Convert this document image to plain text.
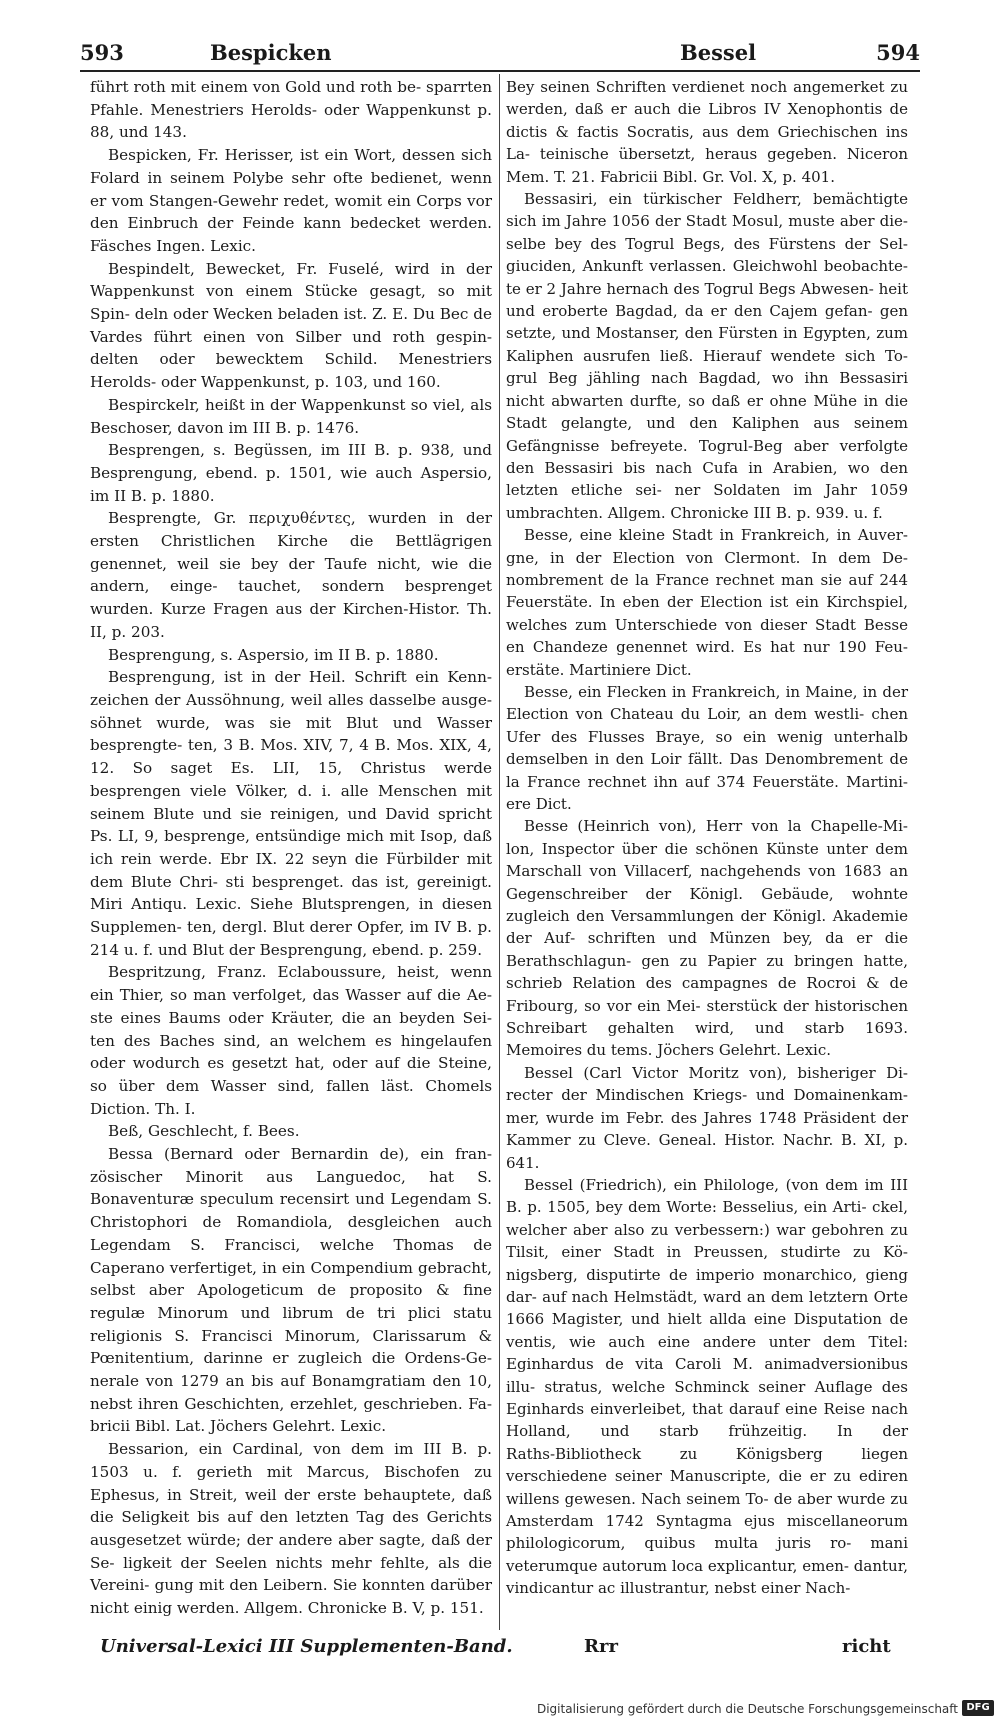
593	Bespicken	Bessel	594

führt roth mit einem von Gold und roth be‑ sparrten Pfahle. Menestriers Herolds‑ oder Wappenkunst p. 88, und 143.

Bespicken, Fr. Herisser, ist ein Wort, dessen sich Folard in seinem Polybe sehr ofte bedienet, wenn er vom Stangen‑Gewehr redet, womit ein Corps vor den Einbruch der Feinde kann bedecket werden. Fäsches Ingen. Lexic.

Bespindelt, Bewecket, Fr. Fuselé, wird in der Wappenkunst von einem Stücke gesagt, so mit Spin‑ deln oder Wecken beladen ist. Z. E. Du Bec de Vardes führt einen von Silber und roth gespin‑ delten oder bewecktem Schild. Menestriers Herolds‑ oder Wappenkunst, p. 103, und 160.

Bespirckelr, heißt in der Wappenkunst so viel, als Beschoser, davon im III B. p. 1476.

Besprengen, s. Begüssen, im III B. p. 938, und Besprengung, ebend. p. 1501, wie auch Aspersio, im II B. p. 1880.

Besprengte, Gr. περιχυθέντες, wurden in der ersten Christlichen Kirche die Bettlägrigen genennet, weil sie bey der Taufe nicht, wie die andern, einge‑ tauchet, sondern besprenget wurden. Kurze Fragen aus der Kirchen‑Histor. Th. II, p. 203.

Besprengung, s. Aspersio, im II B. p. 1880.

Besprengung, ist in der Heil. Schrift ein Kenn‑ zeichen der Aussöhnung, weil alles dasselbe ausge‑ söhnet wurde, was sie mit Blut und Wasser besprengte‑ ten, 3 B. Mos. XIV, 7, 4 B. Mos. XIX, 4, 12. So saget Es. LII, 15, Christus werde besprengen viele Völker, d. i. alle Menschen mit seinem Blute und sie reinigen, und David spricht Ps. LI, 9, besprenge, entsündige mich mit Isop, daß ich rein werde. Ebr IX. 22 seyn die Fürbilder mit dem Blute Chri‑ sti besprenget. das ist, gereinigt. Miri Antiqu. Lexic. Siehe Blutsprengen, in diesen Supplemen‑ ten, dergl. Blut derer Opfer, im IV B. p. 214 u. f. und Blut der Besprengung, ebend. p. 259.

Bespritzung, Franz. Eclaboussure, heist, wenn ein Thier, so man verfolget, das Wasser auf die Ae‑ ste eines Baums oder Kräuter, die an beyden Sei‑ ten des Baches sind, an welchem es hingelaufen oder wodurch es gesetzt hat, oder auf die Steine, so über dem Wasser sind, fallen läst. Chomels Diction. Th. I.

Beß, Geschlecht, f. Bees.

Bessa (Bernard oder Bernardin de), ein fran‑ zösischer Minorit aus Languedoc, hat S. Bonaventuræ speculum recensirt und Legendam S. Christophori de Romandiola, desgleichen auch Legendam S. Francisci, welche Thomas de Caperano verfertiget, in ein Compendium gebracht, selbst aber Apologeticum de proposito & fine regulæ Minorum und librum de tri plici statu religionis S. Francisci Minorum, Clarissarum & Pœnitentium, darinne er zugleich die Ordens‑Ge‑ nerale von 1279 an bis auf Bonamgratiam den 10, nebst ihren Geschichten, erzehlet, geschrieben. Fa‑ bricii Bibl. Lat. Jöchers Gelehrt. Lexic.

Bessarion, ein Cardinal, von dem im III B. p. 1503 u. f. gerieth mit Marcus, Bischofen zu Ephesus, in Streit, weil der erste behauptete, daß die Seligkeit bis auf den letzten Tag des Gerichts ausgesetzet würde; der andere aber sagte, daß der Se‑ ligkeit der Seelen nichts mehr fehlte, als die Vereini‑ gung mit den Leibern. Sie konnten darüber nicht einig werden. Allgem. Chronicke B. V, p. 151.

Bey seinen Schriften verdienet noch angemerket zu werden, daß er auch die Libros IV Xenophontis de dictis & factis Socratis, aus dem Griechischen ins La‑ teinische übersetzt, heraus gegeben. Niceron Mem. T. 21. Fabricii Bibl. Gr. Vol. X, p. 401.

Bessasiri, ein türkischer Feldherr, bemächtigte sich im Jahre 1056 der Stadt Mosul, muste aber die‑ selbe bey des Togrul Begs, des Fürstens der Sel‑ giuciden, Ankunft verlassen. Gleichwohl beobachte‑ te er 2 Jahre hernach des Togrul Begs Abwesen‑ heit und eroberte Bagdad, da er den Cajem gefan‑ gen setzte, und Mostanser, den Fürsten in Egypten, zum Kaliphen ausrufen ließ. Hierauf wendete sich To‑ grul Beg jähling nach Bagdad, wo ihn Bessasiri nicht abwarten durfte, so daß er ohne Mühe in die Stadt gelangte, und den Kaliphen aus seinem Gefängnisse befreyete. Togrul‑Beg aber verfolgte den Bessasiri bis nach Cufa in Arabien, wo den letzten etliche sei‑ ner Soldaten im Jahr 1059 umbrachten. Allgem. Chronicke III B. p. 939. u. f.

Besse, eine kleine Stadt in Frankreich, in Auver‑ gne, in der Election von Clermont. In dem De‑ nombrement de la France rechnet man sie auf 244 Feuerstäte. In eben der Election ist ein Kirchspiel, welches zum Unterschiede von dieser Stadt Besse en Chandeze genennet wird. Es hat nur 190 Feu‑ erstäte. Martiniere Dict.

Besse, ein Flecken in Frankreich, in Maine, in der Election von Chateau du Loir, an dem westli‑ chen Ufer des Flusses Braye, so ein wenig unterhalb demselben in den Loir fällt. Das Denombrement de la France rechnet ihn auf 374 Feuerstäte. Martini‑ ere Dict.

Besse (Heinrich von), Herr von la Chapelle‑Mi‑ lon, Inspector über die schönen Künste unter dem Marschall von Villacerf, nachgehends von 1683 an Gegenschreiber der Königl. Gebäude, wohnte zugleich den Versammlungen der Königl. Akademie der Auf‑ schriften und Münzen bey, da er die Berathschlagun‑ gen zu Papier zu bringen hatte, schrieb Relation des campagnes de Rocroi & de Fribourg, so vor ein Mei‑ sterstück der historischen Schreibart gehalten wird, und starb 1693. Memoires du tems. Jöchers Gelehrt. Lexic.

Bessel (Carl Victor Moritz von), bisheriger Di‑ recter der Mindischen Kriegs‑ und Domainenkam‑ mer, wurde im Febr. des Jahres 1748 Präsident der Kammer zu Cleve. Geneal. Histor. Nachr. B. XI, p. 641.

Bessel (Friedrich), ein Philologe, (von dem im III B. p. 1505, bey dem Worte: Besselius, ein Arti‑ ckel, welcher aber also zu verbessern:) war gebohren zu Tilsit, einer Stadt in Preussen, studirte zu Kö‑ nigsberg, disputirte de imperio monarchico, gieng dar‑ auf nach Helmstädt, ward an dem letztern Orte 1666 Magister, und hielt allda eine Disputation de ventis, wie auch eine andere unter dem Titel: Eginhardus de vita Caroli M. animadversionibus illu‑ stratus, welche Schminck seiner Auflage des Eginhards einverleibet, that darauf eine Reise nach Holland, und starb frühzeitig. In der Raths‑Bibliotheck zu Königsberg liegen verschiedene seiner Manuscripte, die er zu ediren willens gewesen. Nach seinem To‑ de aber wurde zu Amsterdam 1742 Syntagma ejus miscellaneorum philologicorum, quibus multa juris ro‑ mani veterumque autorum loca explicantur, emen‑ dantur, vindicantur ac illustrantur, nebst einer Nach‑

Universal‑Lexici III Supplementen‑Band.	Rrr	richt
Digitalisierung gefördert durch die Deutsche Forschungsgemeinschaft DFG
